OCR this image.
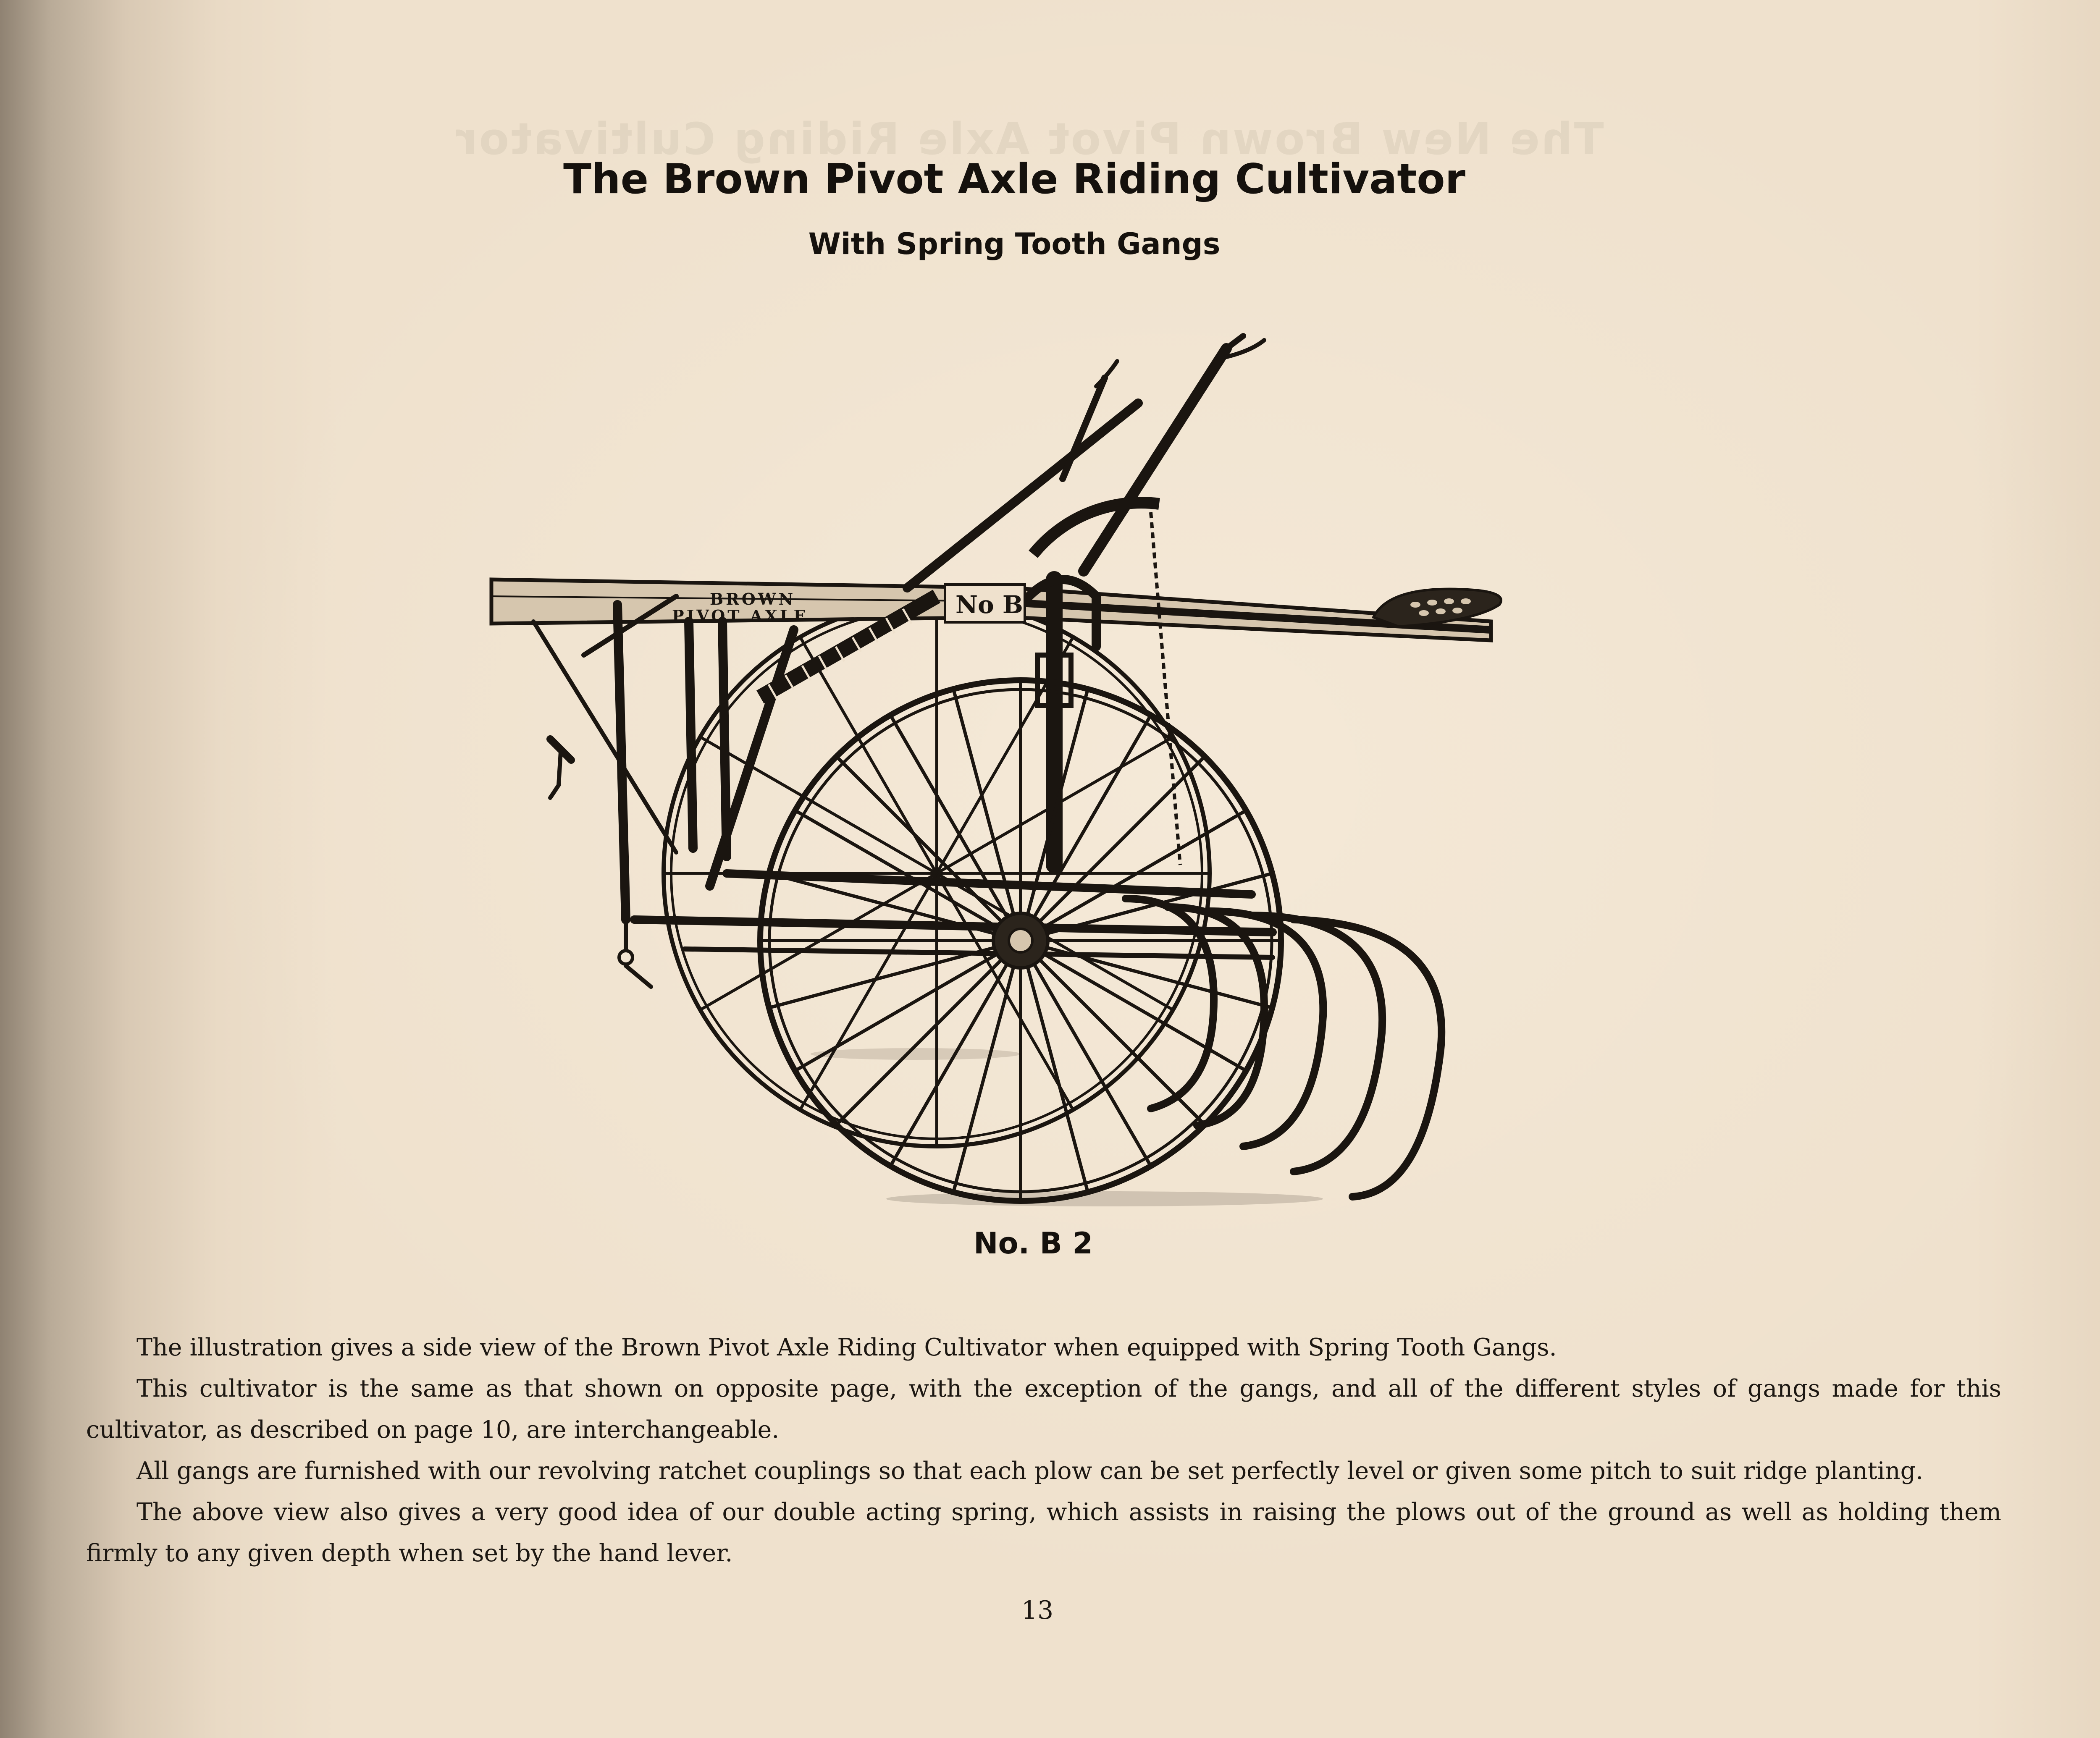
The New Brown Pivot Axle Riding Cultivator
The Brown Pivot Axle Riding Cultivator
With Spring Tooth Gangs
BROWN
PIVOT AXLE	No B
No. B 2

The illustration gives a side view of the Brown Pivot Axle Riding Cultivator when equipped with Spring Tooth Gangs.

This cultivator is the same as that shown on opposite page, with the exception of the gangs, and all of the different styles of gangs made for this cultivator, as described on page 10, are interchangeable.

All gangs are furnished with our revolving ratchet couplings so that each plow can be set perfectly level or given some pitch to suit ridge planting.

The above view also gives a very good idea of our double acting spring, which assists in raising the plows out of the ground as well as holding them firmly to any given depth when set by the hand lever.

13
